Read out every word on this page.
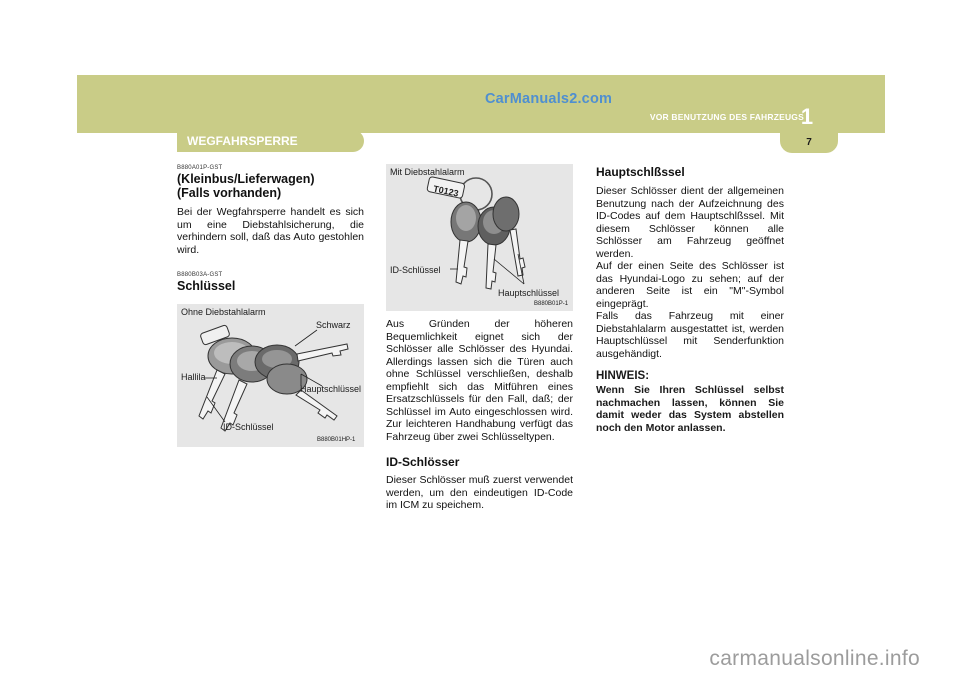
CarManuals2.com
VOR BENUTZUNG DES FAHRZEUGS
1
7
WEGFAHRSPERRE

B880A01P-GST

(Kleinbus/Lieferwagen)
(Falls vorhanden)

Bei der Wegfahrsperre handelt es sich um eine Diebstahlsicherung, die verhindern soll, daß das Auto gestohlen wird.

B880B03A-GST

Schlüssel
Ohne Diebstahlalarm
Schwarz
Hallila
Hauptschlüssel
ID-Schlüssel
B880B01HP-1
T0123
Mit Diebstahlalarm
ID-Schlüssel
Hauptschlüssel
B880B01P-1

Aus Gründen der höheren Bequemlichkeit eignet sich der Schlösser alle Schlösser des Hyundai. Allerdings lassen sich die Türen auch ohne Schlüssel verschließen, deshalb empfiehlt sich das Mitführen eines Ersatzschlüssels für den Fall, daß; der Schlüssel im Auto eingeschlossen wird. Zur leichteren Handhabung verfügt das Fahrzeug über zwei Schlüsseltypen.

ID-Schlösser

Dieser Schlösser muß zuerst verwendet werden, um den eindeutigen ID-Code im ICM zu speichem.

Hauptschlßssel

Dieser Schlösser dient der allgemeinen Benutzung nach der Aufzeichnung des ID-Codes auf dem Hauptschlßssel. Mit diesem Schlösser können alle Schlösser am Fahrzeug geöffnet werden.
Auf der einen Seite des Schlösser ist das Hyundai-Logo zu sehen; auf der anderen Seite ist ein "M"-Symbol eingeprägt.
Falls das Fahrzeug mit einer Diebstahlalarm ausgestattet ist, werden Hauptschlüssel mit Senderfunktion ausgehändigt.

HINWEIS:

Wenn Sie Ihren Schlüssel selbst nachmachen lassen, können Sie damit weder das System abstellen noch den Motor anlassen.

carmanualsonline.info
